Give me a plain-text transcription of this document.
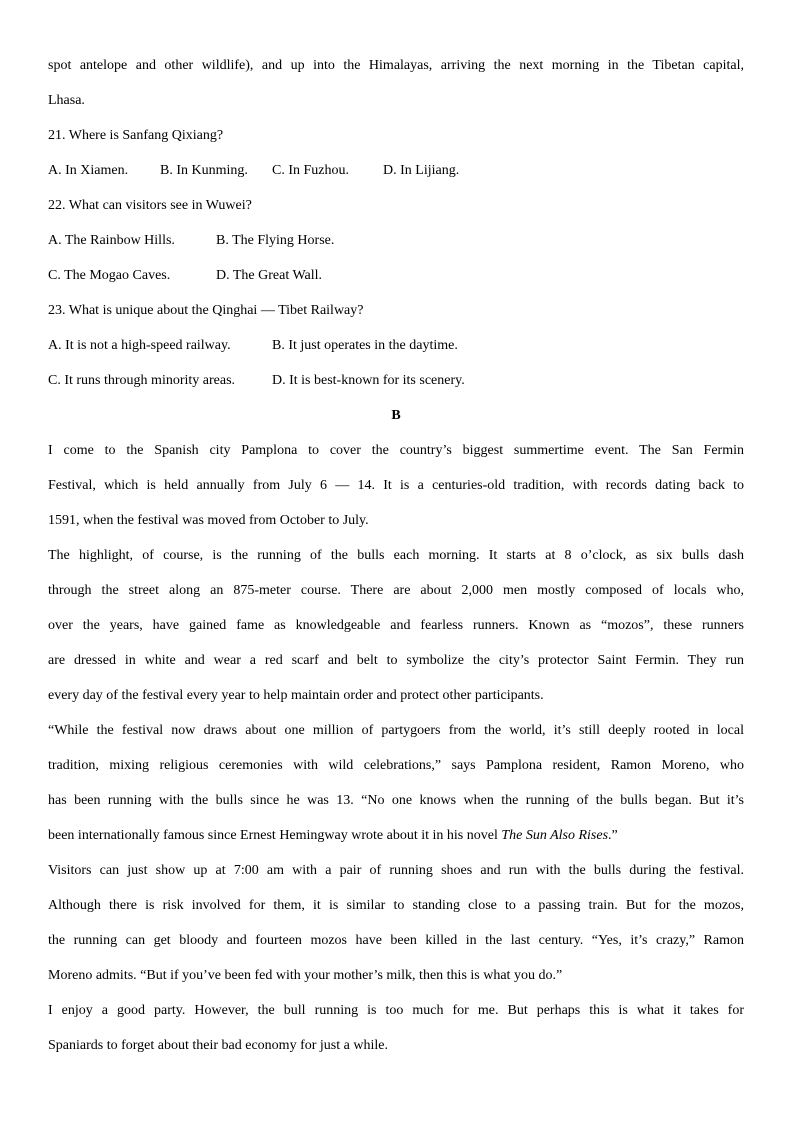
spot antelope and other wildlife), and up into the Himalayas, arriving the next morning in the Tibetan capital,
Lhasa.
21. Where is Sanfang Qixiang?
A. In Xiamen. B. In Kunming. C. In Fuzhou. D. In Lijiang.
22. What can visitors see in Wuwei?
A. The Rainbow Hills.	B. The Flying Horse.
C. The Mogao Caves.	D. The Great Wall.
23. What is unique about the Qinghai — Tibet Railway?
A. It is not a high-speed railway.	B. It just operates in the daytime.
C. It runs through minority areas.	D. It is best-known for its scenery.
B
I come to the Spanish city Pamplona to cover the country’s biggest summertime event. The San Fermin
Festival, which is held annually from July 6 — 14. It is a centuries-old tradition, with records dating back to
1591, when the festival was moved from October to July.
The highlight, of course, is the running of the bulls each morning. It starts at 8 o’clock, as six bulls dash
through the street along an 875-meter course. There are about 2,000 men mostly composed of locals who,
over the years, have gained fame as knowledgeable and fearless runners. Known as “mozos”, these runners
are dressed in white and wear a red scarf and belt to symbolize the city’s protector Saint Fermin. They run
every day of the festival every year to help maintain order and protect other participants.
“While the festival now draws about one million of partygoers from the world, it’s still deeply rooted in local
tradition, mixing religious ceremonies with wild celebrations,” says Pamplona resident, Ramon Moreno, who
has been running with the bulls since he was 13. “No one knows when the running of the bulls began. But it’s
been internationally famous since Ernest Hemingway wrote about it in his novel The Sun Also Rises.”
Visitors can just show up at 7:00 am with a pair of running shoes and run with the bulls during the festival.
Although there is risk involved for them, it is similar to standing close to a passing train. But for the mozos,
the running can get bloody and fourteen mozos have been killed in the last century. “Yes, it’s crazy,” Ramon
Moreno admits. “But if you’ve been fed with your mother’s milk, then this is what you do.”
I enjoy a good party. However, the bull running is too much for me. But perhaps this is what it takes for
Spaniards to forget about their bad economy for just a while.
